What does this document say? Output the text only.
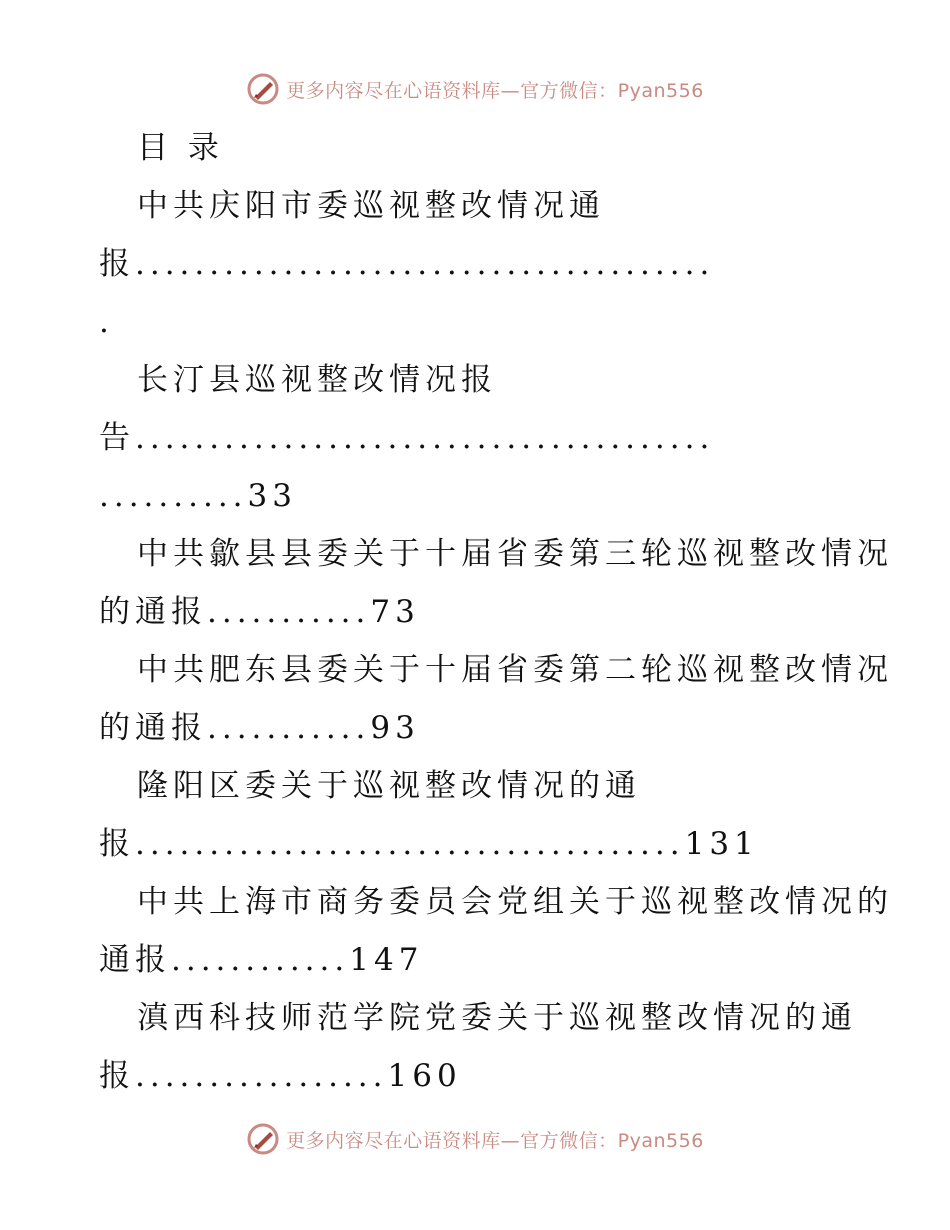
更多内容尽在心语资料库—官方微信：Pyan556
目 录
中共庆阳市委巡视整改情况通
报.......................................
.
长汀县巡视整改情况报
告.......................................
..........33
中共歙县县委关于十届省委第三轮巡视整改情况
的通报...........73
中共肥东县委关于十届省委第二轮巡视整改情况
的通报...........93
隆阳区委关于巡视整改情况的通
报.....................................131
中共上海市商务委员会党组关于巡视整改情况的
通报............147
滇西科技师范学院党委关于巡视整改情况的通
报.................160
更多内容尽在心语资料库—官方微信：Pyan556
